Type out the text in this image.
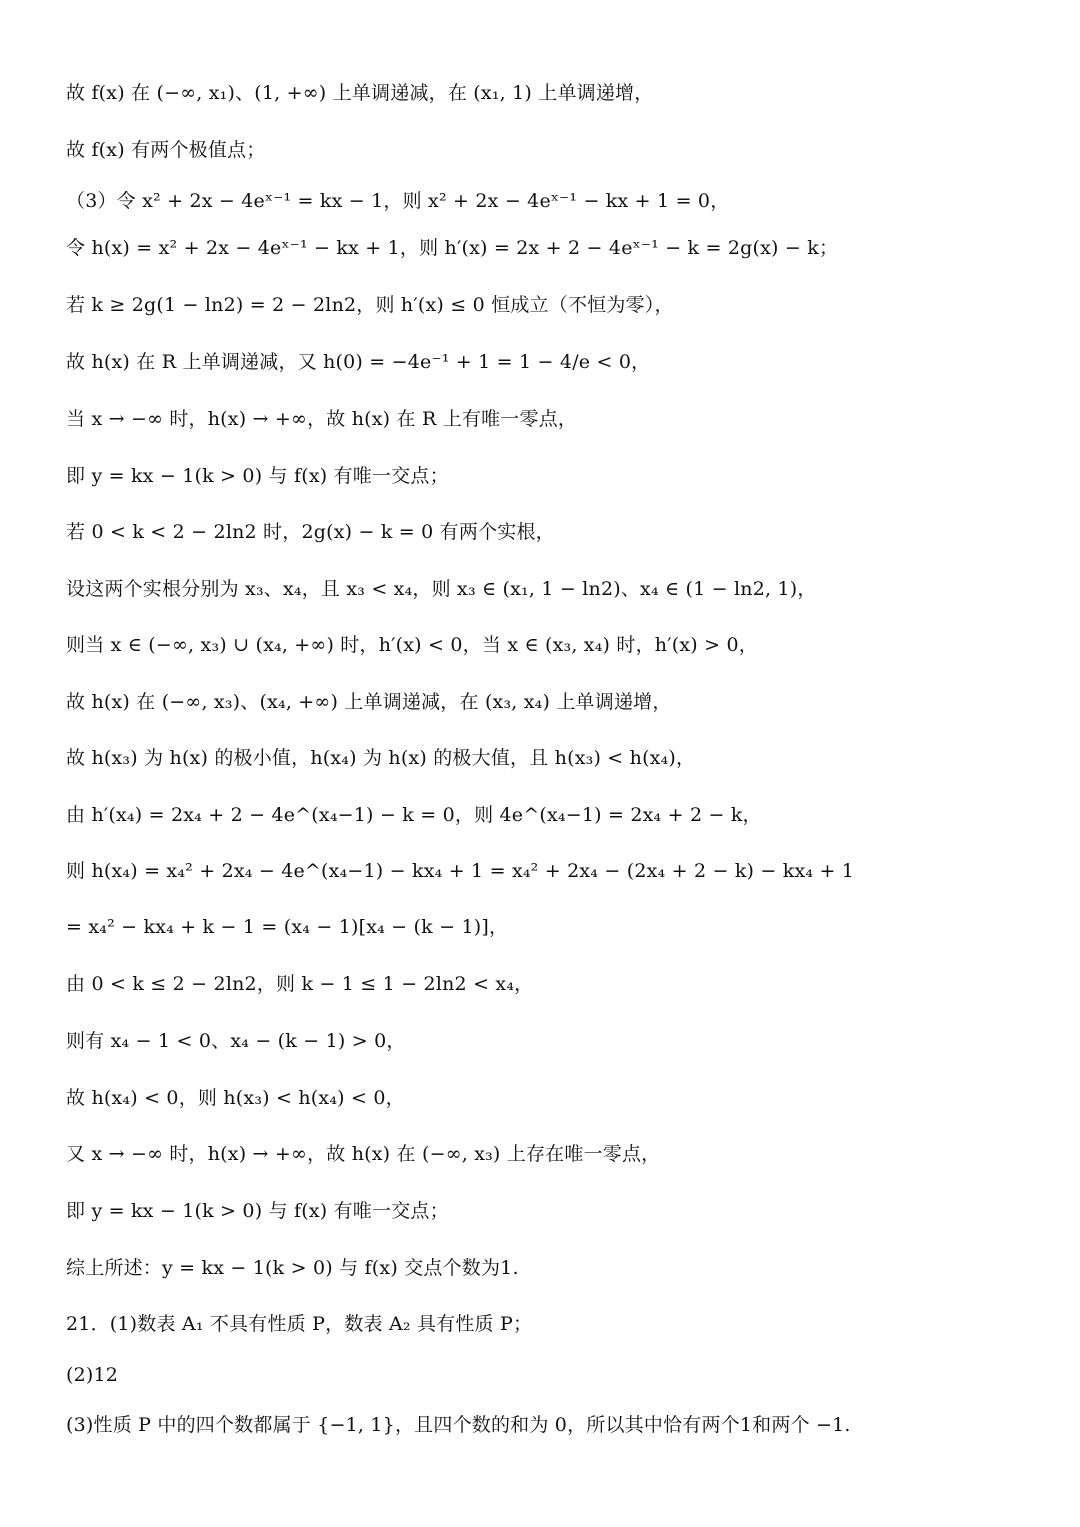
故 f(x) 在 (−∞, x₁)、(1, +∞) 上单调递减，在 (x₁, 1) 上单调递增，
故 f(x) 有两个极值点；
（3）令 x² + 2x − 4eˣ⁻¹ = kx − 1，则 x² + 2x − 4eˣ⁻¹ − kx + 1 = 0，
令 h(x) = x² + 2x − 4eˣ⁻¹ − kx + 1，则 h′(x) = 2x + 2 − 4eˣ⁻¹ − k = 2g(x) − k；
若 k ≥ 2g(1 − ln2) = 2 − 2ln2，则 h′(x) ≤ 0 恒成立（不恒为零），
故 h(x) 在 R 上单调递减，又 h(0) = −4e⁻¹ + 1 = 1 − 4/e < 0，
当 x → −∞ 时，h(x) → +∞，故 h(x) 在 R 上有唯一零点，
即 y = kx − 1(k > 0) 与 f(x) 有唯一交点；
若 0 < k < 2 − 2ln2 时，2g(x) − k = 0 有两个实根，
设这两个实根分别为 x₃、x₄，且 x₃ < x₄，则 x₃ ∈ (x₁, 1 − ln2)、x₄ ∈ (1 − ln2, 1)，
则当 x ∈ (−∞, x₃) ∪ (x₄, +∞) 时，h′(x) < 0，当 x ∈ (x₃, x₄) 时，h′(x) > 0，
故 h(x) 在 (−∞, x₃)、(x₄, +∞) 上单调递减，在 (x₃, x₄) 上单调递增，
故 h(x₃) 为 h(x) 的极小值，h(x₄) 为 h(x) 的极大值，且 h(x₃) < h(x₄)，
由 h′(x₄) = 2x₄ + 2 − 4e^(x₄−1) − k = 0，则 4e^(x₄−1) = 2x₄ + 2 − k，
则 h(x₄) = x₄² + 2x₄ − 4e^(x₄−1) − kx₄ + 1 = x₄² + 2x₄ − (2x₄ + 2 − k) − kx₄ + 1
= x₄² − kx₄ + k − 1 = (x₄ − 1)[x₄ − (k − 1)]，
由 0 < k ≤ 2 − 2ln2，则 k − 1 ≤ 1 − 2ln2 < x₄，
则有 x₄ − 1 < 0、x₄ − (k − 1) > 0，
故 h(x₄) < 0，则 h(x₃) < h(x₄) < 0，
又 x → −∞ 时，h(x) → +∞，故 h(x) 在 (−∞, x₃) 上存在唯一零点，
即 y = kx − 1(k > 0) 与 f(x) 有唯一交点；
综上所述：y = kx − 1(k > 0) 与 f(x) 交点个数为1.
21．(1)数表 A₁ 不具有性质 P，数表 A₂ 具有性质 P；
(2)12
(3)性质 P 中的四个数都属于 {−1, 1}，且四个数的和为 0，所以其中恰有两个1和两个 −1.
